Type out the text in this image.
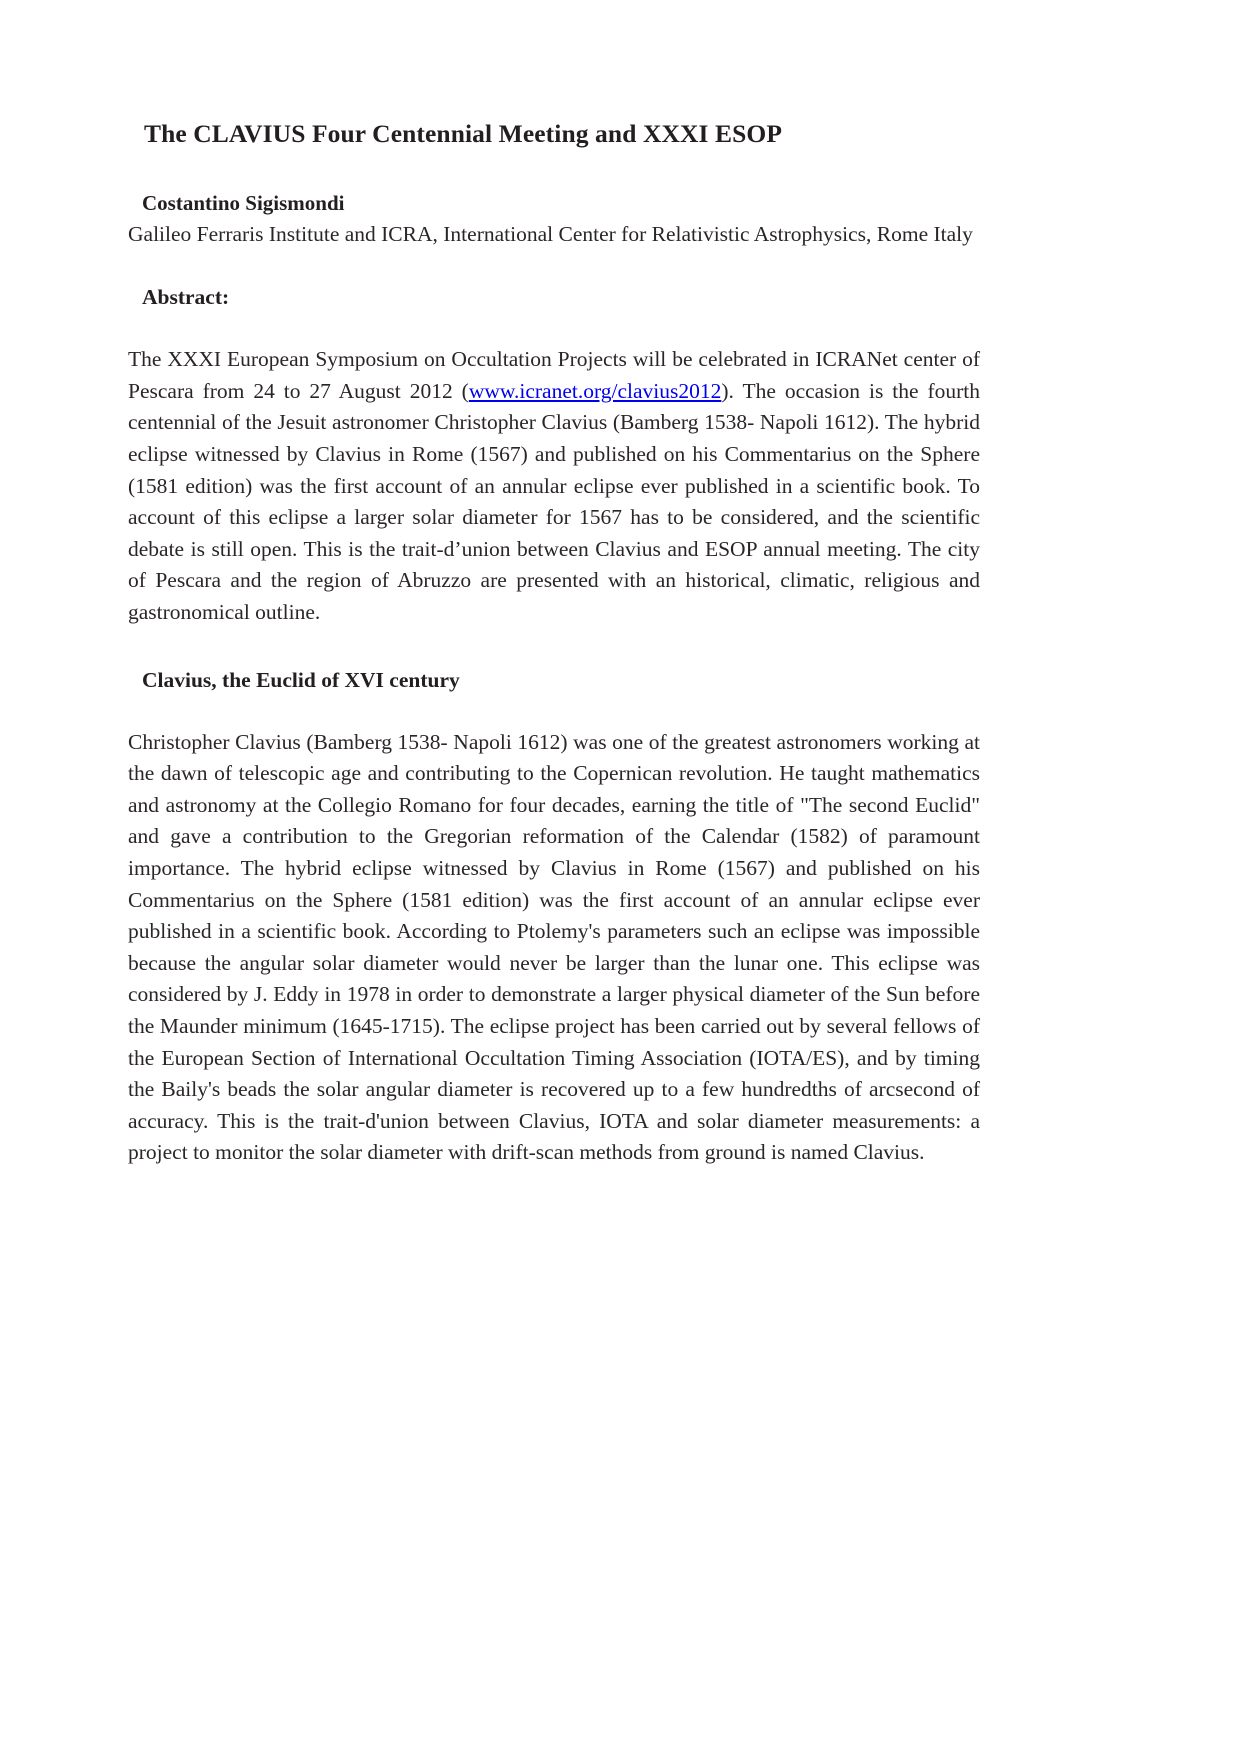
The CLAVIUS Four Centennial Meeting and XXXI ESOP
Costantino Sigismondi
Galileo Ferraris Institute and ICRA, International Center for Relativistic Astrophysics, Rome Italy
Abstract:

The XXXI European Symposium on Occultation Projects will be celebrated in ICRANet center of Pescara from 24 to 27 August 2012 (www.icranet.org/clavius2012). The occasion is the fourth centennial of the Jesuit astronomer Christopher Clavius (Bamberg 1538- Napoli 1612). The hybrid eclipse witnessed by Clavius in Rome (1567) and published on his Commentarius on the Sphere (1581 edition) was the first account of an annular eclipse ever published in a scientific book. To account of this eclipse a larger solar diameter for 1567 has to be considered, and the scientific debate is still open. This is the trait-d’union between Clavius and ESOP annual meeting. The city of Pescara and the region of Abruzzo are presented with an historical, climatic, religious and gastronomical outline.

Clavius, the Euclid of XVI century

Christopher Clavius (Bamberg 1538- Napoli 1612) was one of the greatest astronomers working at the dawn of telescopic age and contributing to the Copernican revolution. He taught mathematics and astronomy at the Collegio Romano for four decades, earning the title of "The second Euclid" and gave a contribution to the Gregorian reformation of the Calendar (1582) of paramount importance. The hybrid eclipse witnessed by Clavius in Rome (1567) and published on his Commentarius on the Sphere (1581 edition) was the first account of an annular eclipse ever published in a scientific book. According to Ptolemy's parameters such an eclipse was impossible because the angular solar diameter would never be larger than the lunar one. This eclipse was considered by J. Eddy in 1978 in order to demonstrate a larger physical diameter of the Sun before the Maunder minimum (1645-1715). The eclipse project has been carried out by several fellows of the European Section of International Occultation Timing Association (IOTA/ES), and by timing the Baily's beads the solar angular diameter is recovered up to a few hundredths of arcsecond of accuracy. This is the trait-d'union between Clavius, IOTA and solar diameter measurements: a project to monitor the solar diameter with drift-scan methods from ground is named Clavius.
